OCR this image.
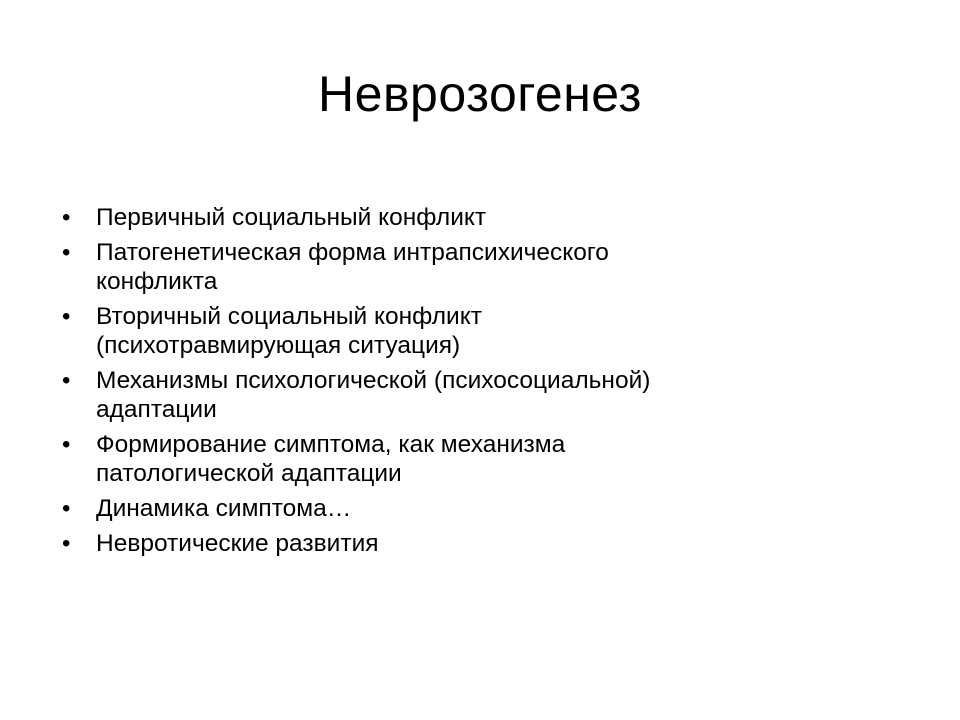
Невроз​огенез
• Первичный социальный конфликт
• Патогенетическая форма интрапсихического
конфликта
• Вторичный социальный конфликт
(психотравмирующая ситуация)
• Механизмы психологической (психосоциальной)
адаптации
• Формирование симптома, как механизма
патологической адаптации
• Динамика симптома…
• Невротические развития
